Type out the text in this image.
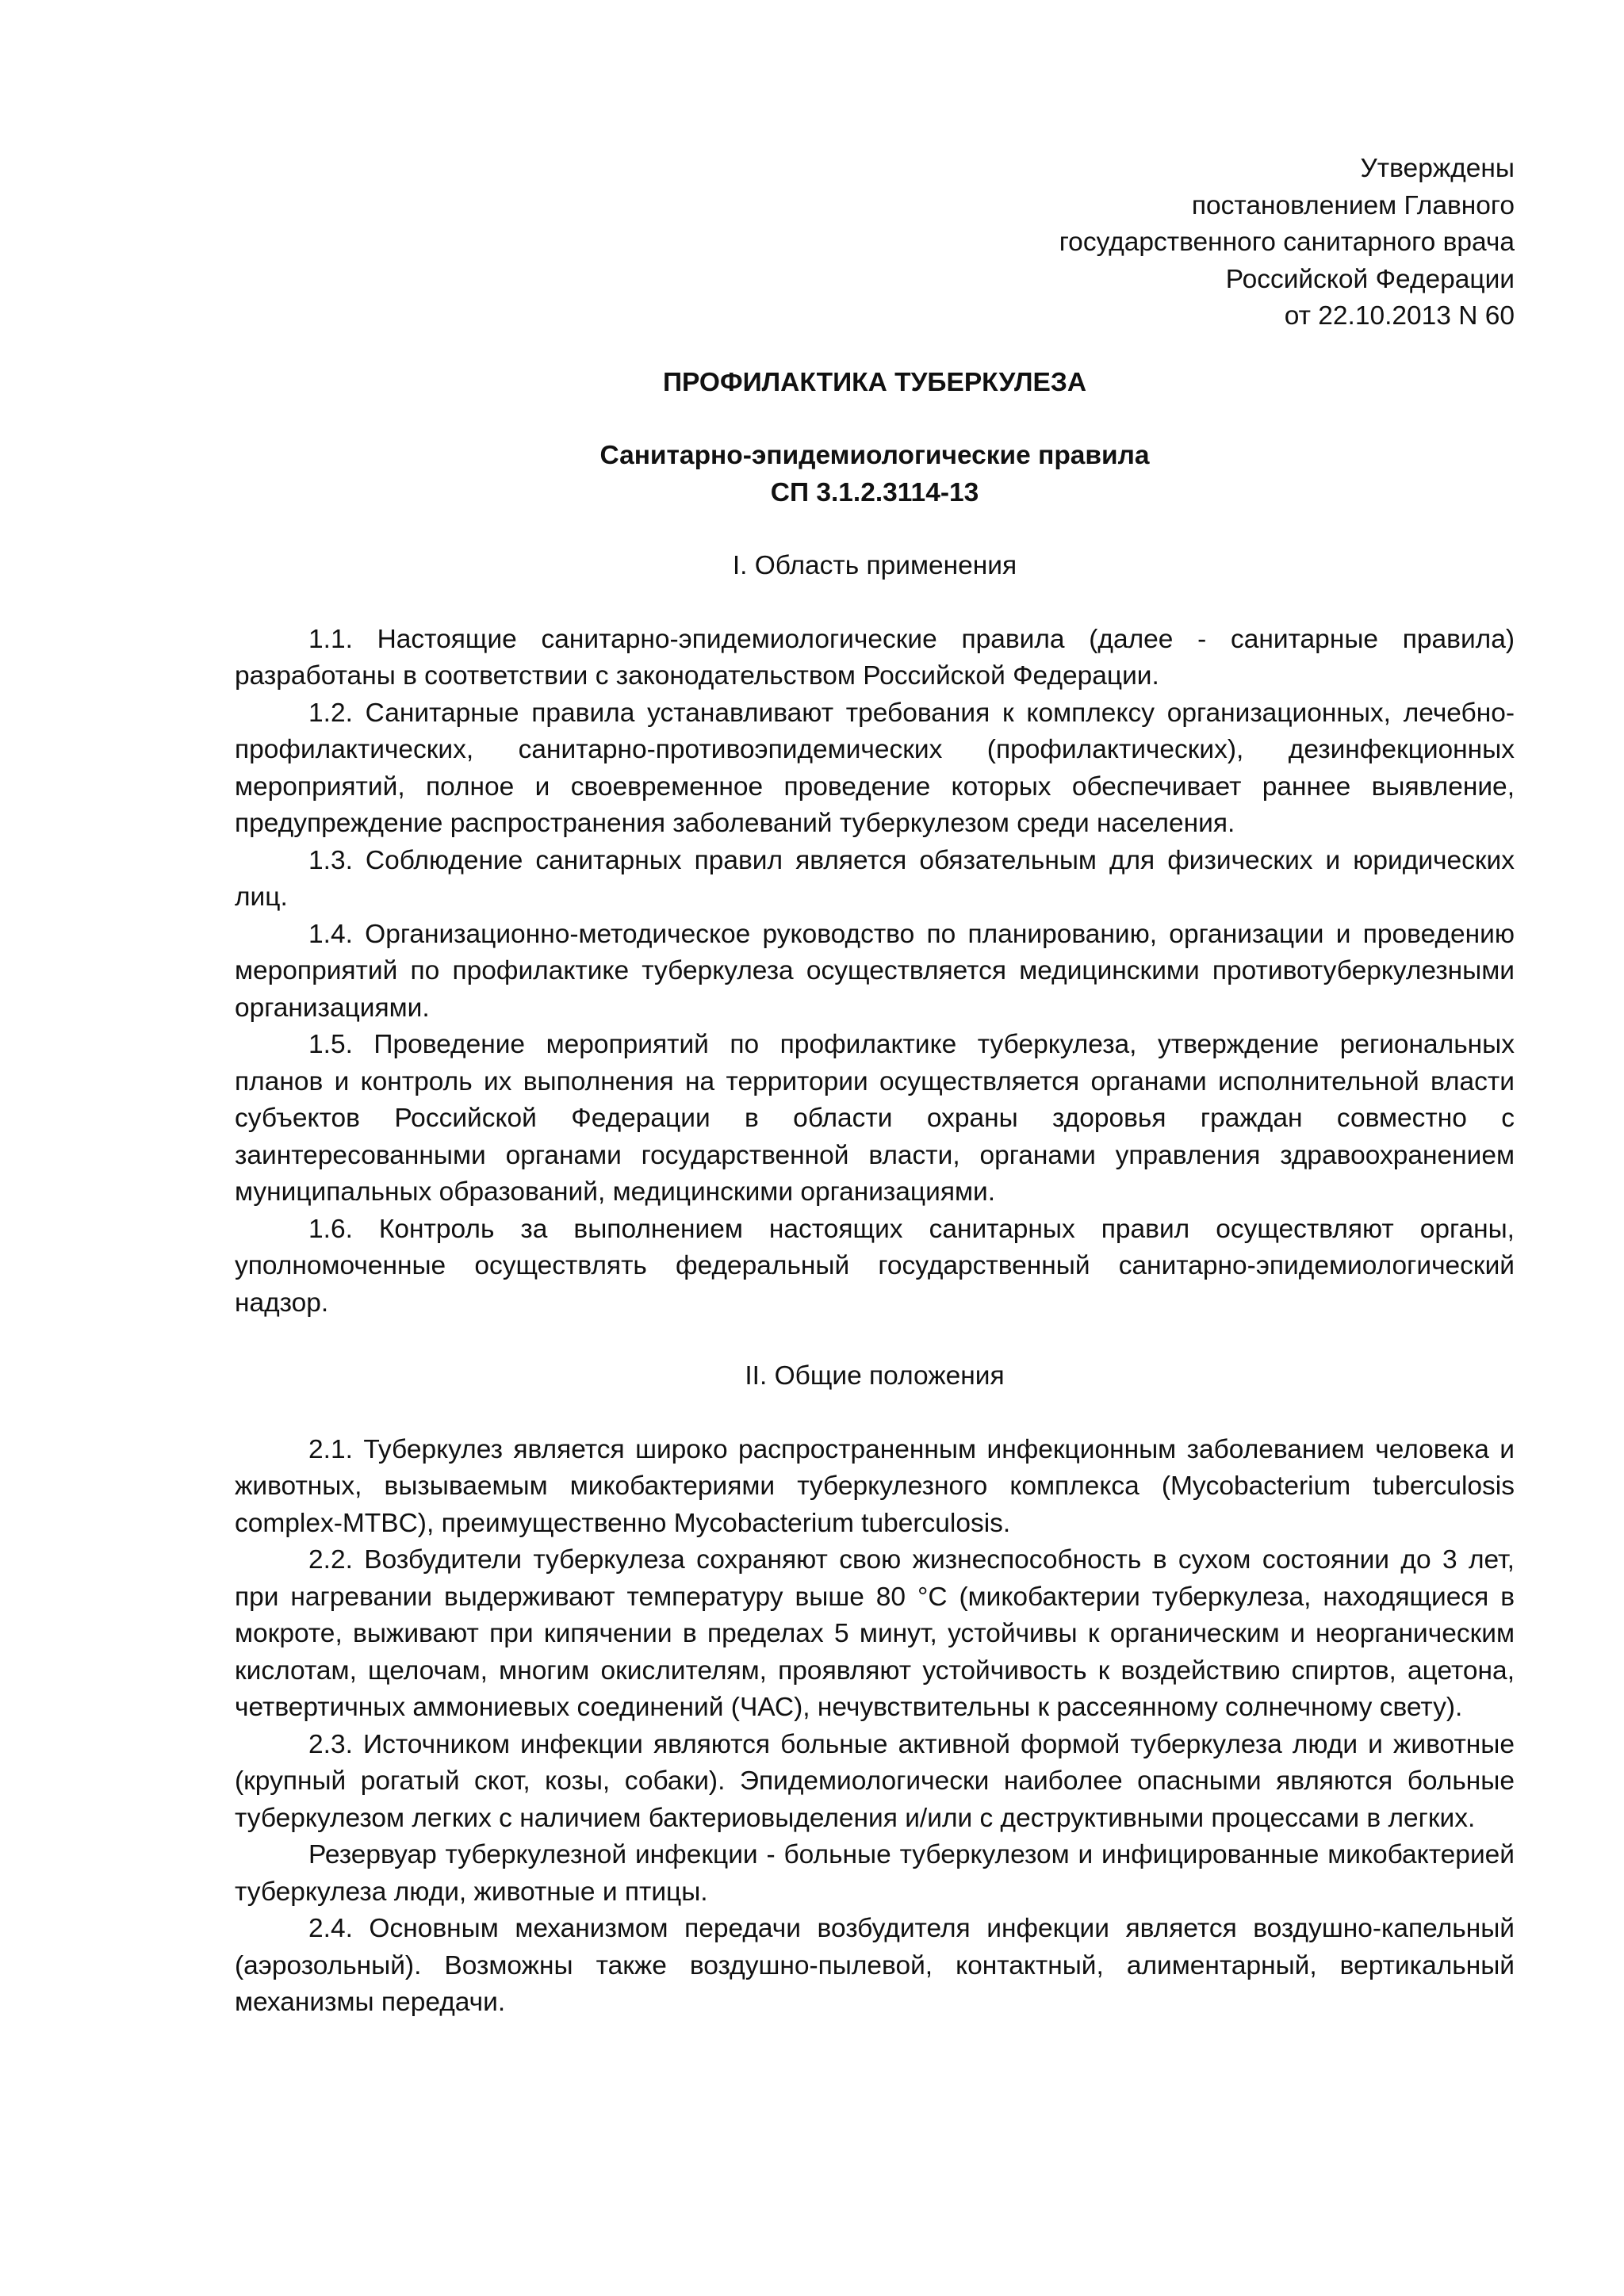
Утверждены
постановлением Главного
государственного санитарного врача
Российской Федерации
от 22.10.2013 N 60
ПРОФИЛАКТИКА ТУБЕРКУЛЕЗА
Санитарно-эпидемиологические правила
СП 3.1.2.3114-13
I. Область применения

1.1. Настоящие санитарно-эпидемиологические правила (далее - санитарные правила) разработаны в соответствии с законодательством Российской Федерации.

1.2. Санитарные правила устанавливают требования к комплексу организационных, лечебно-профилактических, санитарно-противоэпидемических (профилактических), дезинфекционных мероприятий, полное и своевременное проведение которых обеспечивает раннее выявление, предупреждение распространения заболеваний туберкулезом среди населения.

1.3. Соблюдение санитарных правил является обязательным для физических и юридических лиц.

1.4. Организационно-методическое руководство по планированию, организации и проведению мероприятий по профилактике туберкулеза осуществляется медицинскими противотуберкулезными организациями.

1.5. Проведение мероприятий по профилактике туберкулеза, утверждение региональных планов и контроль их выполнения на территории осуществляется органами исполнительной власти субъектов Российской Федерации в области охраны здоровья граждан совместно с заинтересованными органами государственной власти, органами управления здравоохранением муниципальных образований, медицинскими организациями.

1.6. Контроль за выполнением настоящих санитарных правил осуществляют органы, уполномоченные осуществлять федеральный государственный санитарно-эпидемиологический надзор.

II. Общие положения

2.1. Туберкулез является широко распространенным инфекционным заболеванием человека и животных, вызываемым микобактериями туберкулезного комплекса (Mycobacterium tuberculosis complex-MTBC), преимущественно Mycobacterium tuberculosis.

2.2. Возбудители туберкулеза сохраняют свою жизнеспособность в сухом состоянии до 3 лет, при нагревании выдерживают температуру выше 80 °С (микобактерии туберкулеза, находящиеся в мокроте, выживают при кипячении в пределах 5 минут, устойчивы к органическим и неорганическим кислотам, щелочам, многим окислителям, проявляют устойчивость к воздействию спиртов, ацетона, четвертичных аммониевых соединений (ЧАС), нечувствительны к рассеянному солнечному свету).

2.3. Источником инфекции являются больные активной формой туберкулеза люди и животные (крупный рогатый скот, козы, собаки). Эпидемиологически наиболее опасными являются больные туберкулезом легких с наличием бактериовыделения и/или с деструктивными процессами в легких.

Резервуар туберкулезной инфекции - больные туберкулезом и инфицированные микобактерией туберкулеза люди, животные и птицы.

2.4. Основным механизмом передачи возбудителя инфекции является воздушно-капельный (аэрозольный). Возможны также воздушно-пылевой, контактный, алиментарный, вертикальный механизмы передачи.
